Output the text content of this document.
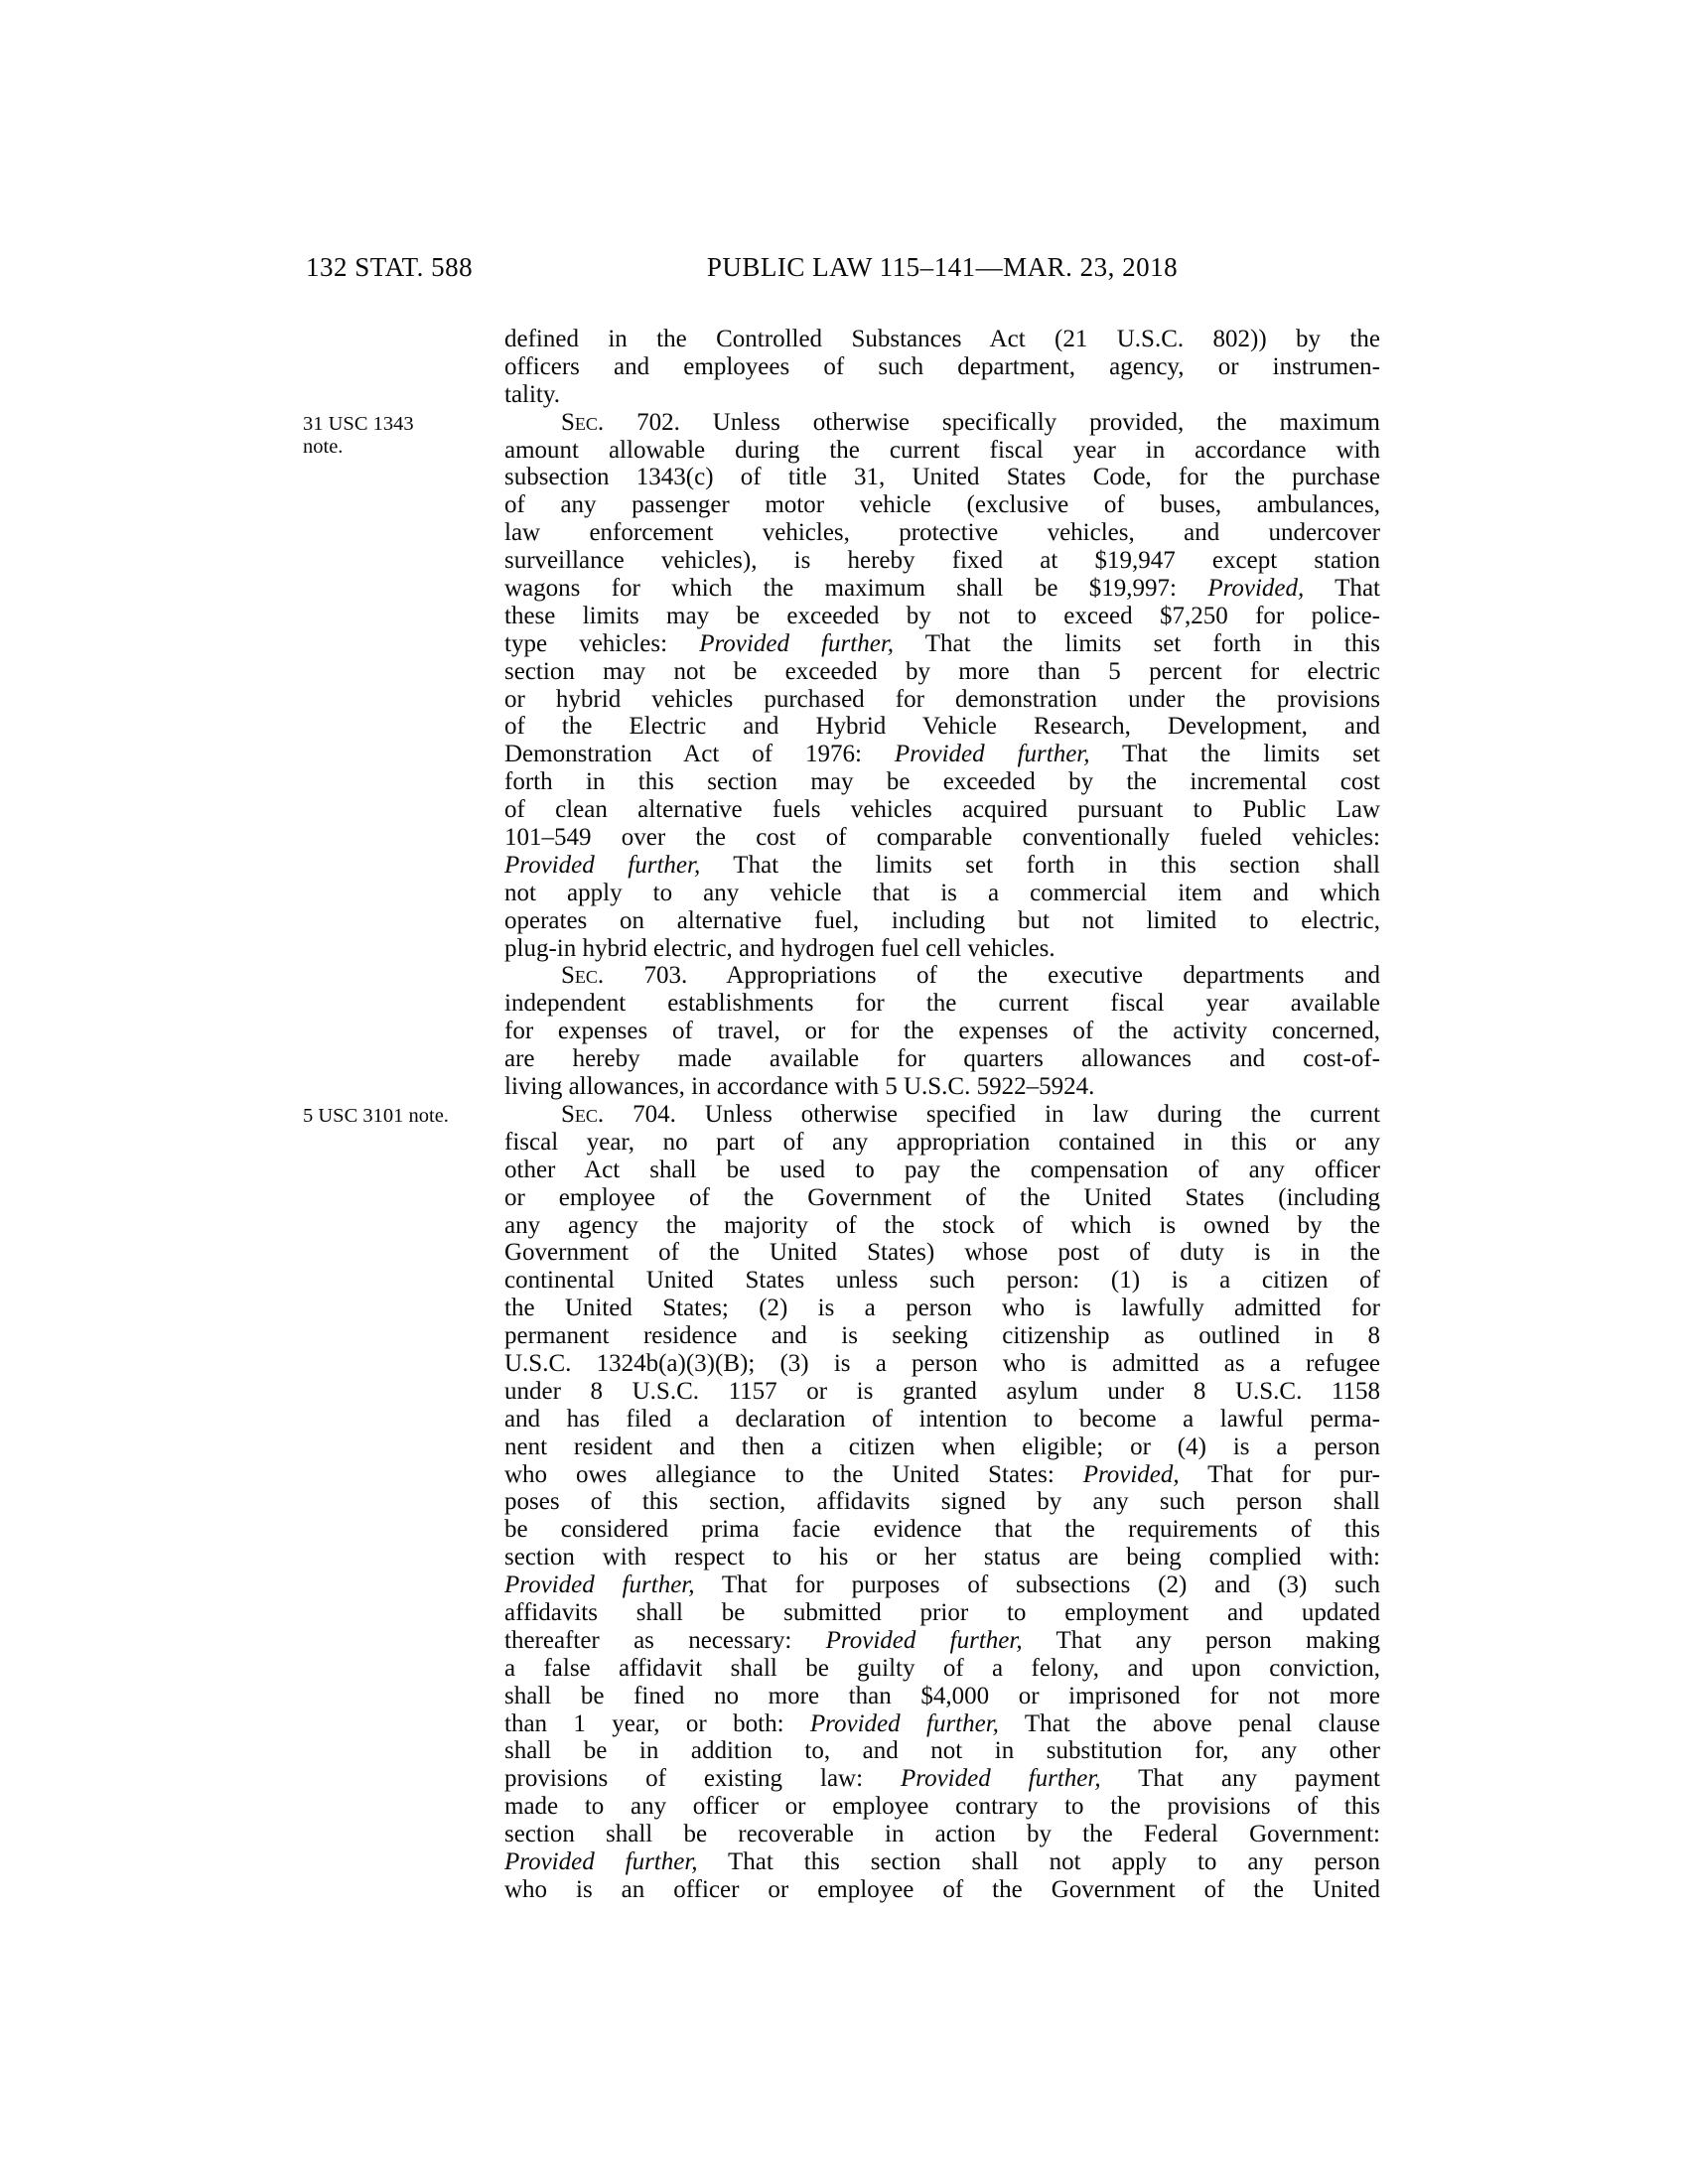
132 STAT. 588	PUBLIC LAW 115–141—MAR. 23, 2018
defined in the Controlled Substances Act (21 U.S.C. 802)) by the
officers and employees of such department, agency, or instrumen-
tality.
31 USC 1343
note.
Sec. 702. Unless otherwise specifically provided, the maximum
amount allowable during the current fiscal year in accordance with
subsection 1343(c) of title 31, United States Code, for the purchase
of any passenger motor vehicle (exclusive of buses, ambulances,
law enforcement vehicles, protective vehicles, and undercover
surveillance vehicles), is hereby fixed at $19,947 except station
wagons for which the maximum shall be $19,997: Provided, That
these limits may be exceeded by not to exceed $7,250 for police-
type vehicles: Provided further, That the limits set forth in this
section may not be exceeded by more than 5 percent for electric
or hybrid vehicles purchased for demonstration under the provisions
of the Electric and Hybrid Vehicle Research, Development, and
Demonstration Act of 1976: Provided further, That the limits set
forth in this section may be exceeded by the incremental cost
of clean alternative fuels vehicles acquired pursuant to Public Law
101–549 over the cost of comparable conventionally fueled vehicles:
Provided further, That the limits set forth in this section shall
not apply to any vehicle that is a commercial item and which
operates on alternative fuel, including but not limited to electric,
plug-in hybrid electric, and hydrogen fuel cell vehicles.
Sec. 703. Appropriations of the executive departments and
independent establishments for the current fiscal year available
for expenses of travel, or for the expenses of the activity concerned,
are hereby made available for quarters allowances and cost-of-
living allowances, in accordance with 5 U.S.C. 5922–5924.
5 USC 3101 note.	Sec. 704. Unless otherwise specified in law during the current
fiscal year, no part of any appropriation contained in this or any
other Act shall be used to pay the compensation of any officer
or employee of the Government of the United States (including
any agency the majority of the stock of which is owned by the
Government of the United States) whose post of duty is in the
continental United States unless such person: (1) is a citizen of
the United States; (2) is a person who is lawfully admitted for
permanent residence and is seeking citizenship as outlined in 8
U.S.C. 1324b(a)(3)(B); (3) is a person who is admitted as a refugee
under 8 U.S.C. 1157 or is granted asylum under 8 U.S.C. 1158
and has filed a declaration of intention to become a lawful perma-
nent resident and then a citizen when eligible; or (4) is a person
who owes allegiance to the United States: Provided, That for pur-
poses of this section, affidavits signed by any such person shall
be considered prima facie evidence that the requirements of this
section with respect to his or her status are being complied with:
Provided further, That for purposes of subsections (2) and (3) such
affidavits shall be submitted prior to employment and updated
thereafter as necessary: Provided further, That any person making
a false affidavit shall be guilty of a felony, and upon conviction,
shall be fined no more than $4,000 or imprisoned for not more
than 1 year, or both: Provided further, That the above penal clause
shall be in addition to, and not in substitution for, any other
provisions of existing law: Provided further, That any payment
made to any officer or employee contrary to the provisions of this
section shall be recoverable in action by the Federal Government:
Provided further, That this section shall not apply to any person
who is an officer or employee of the Government of the United
